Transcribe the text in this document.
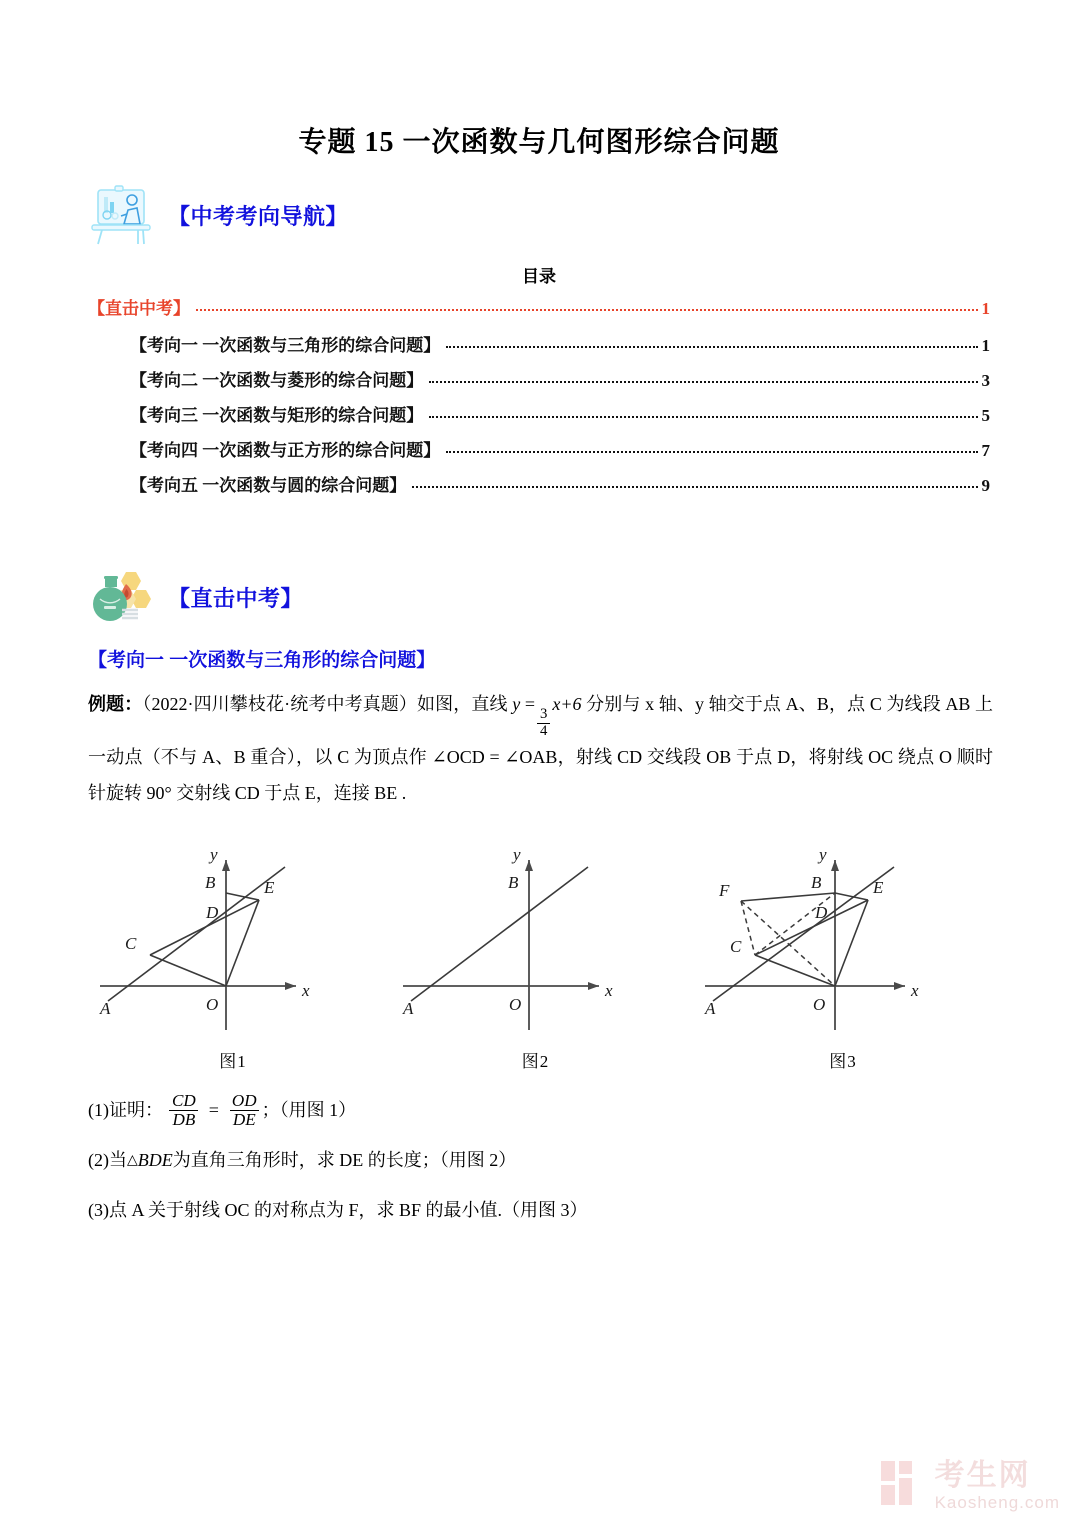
专题 15 一次函数与几何图形综合问题
【中考考向导航】
目录
【直击中考】	1
【考向一 一次函数与三角形的综合问题】	1
【考向二 一次函数与菱形的综合问题】	3
【考向三 一次函数与矩形的综合问题】	5
【考向四 一次函数与正方形的综合问题】	7
【考向五 一次函数与圆的综合问题】	9
【直击中考】
【考向一 一次函数与三角形的综合问题】
例题：（2022·四川攀枝花·统考中考真题）如图，直线 y =
$\frac{3}{4}$
x+6 分别与 x 轴、y 轴交于点 A、B，点 C 为线段 AB 上一动点（不与 A、B 重合），以 C 为顶点作 ∠OCD = ∠OAB，射线 CD 交线段 OB 于点 D，将射线 OC 绕点 O 顺时针旋转 90° 交射线 CD 于点 E，连接 BE .
A	O
B
C
D
E
x
y
图1
A	O
B
x
y
图2
A	O
B
C
D
E
F
x
y
图3
(1) 证明： $\frac{CD}{DB} = \frac{OD}{DE}$ ；（用图 1）
(2) 当 △ BDE 为直角三角形时，求 DE 的长度；（用图 2）
(3) 点 A 关于射线 OC 的对称点为 F，求 BF 的最小值.（用图 3）
考生网
Kaosheng.com
